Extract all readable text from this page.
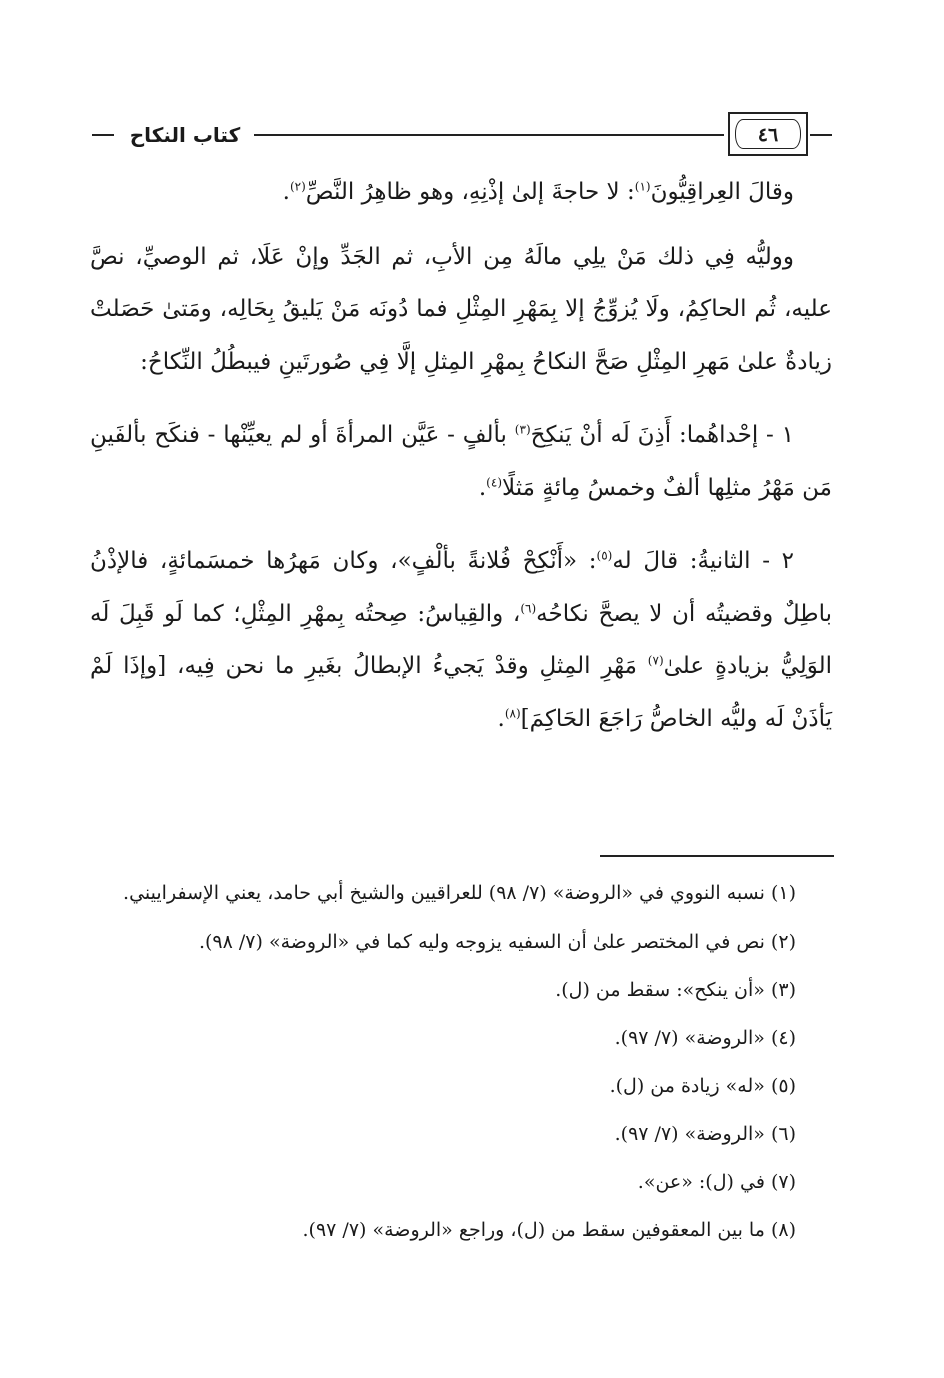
كتاب النكاح	٤٦

وقالَ العِراقِيُّونَ$^{(١)}$: لا حاجةَ إلىٰ إذْنِهِ، وهو ظاهِرُ النَّصِّ$^{(٢)}$.

ووليُّه فِي ذلك مَنْ يلِي مالَهُ مِن الأبِ، ثم الجَدِّ وإنْ عَلَا، ثم الوصيِّ، نصَّ عليه، ثُم الحاكِمُ، ولَا يُزوِّجُ إلا بِمَهْرِ المِثْلِ فما دُونَه مَنْ يَليقُ بِحَالِه، ومَتىٰ حَصَلتْ زيادةٌ علىٰ مَهرِ المِثْلِ صَحَّ النكاحُ بِمهْرِ المِثلِ إلَّا فِي صُورتَينِ فيبطُلُ النِّكاحُ:

١ - إحْداهُما: أَذِنَ لَه أنْ يَنكِحَ$^{(٣)}$ بألفٍ - عَيَّن المرأةَ أو لم يعيِّنْها - فنكَح بألفَينِ مَن مَهْرُ مثلِها ألفٌ وخمسُ مِائةٍ مَثلًا$^{(٤)}$.

٢ - الثانيةُ: قالَ له$^{(٥)}$: «أَنْكِحْ فُلانةً بألْفٍ»، وكان مَهرُها خمسَمائةٍ، فالإذْنُ باطِلٌ وقضيتُه أن لا يصحَّ نكاحُه$^{(٦)}$، والقِياسُ: صِحتُه بِمهْرِ المِثْلِ؛ كما لَو قَبِلَ لَه الوَلِيُّ بزيادةٍ علىٰ$^{(٧)}$ مَهْرِ المِثلِ وقدْ يَجيءُ الإبطالُ بغَيرِ ما نحن فِيه، [وإذَا لَمْ يَأذَنْ لَه وليُّه الخاصُّ رَاجَعَ الحَاكِمَ]$^{(٨)}$.

(١) نسبه النووي في «الروضة» (٧/ ٩٨) للعراقيين والشيخ أبي حامد، يعني الإسفراييني.
(٢) نص في المختصر علىٰ أن السفيه يزوجه وليه كما في «الروضة» (٧/ ٩٨).
(٣) «أن ينكح»: سقط من (ل).
(٤) «الروضة» (٧/ ٩٧).
(٥) «له» زيادة من (ل).
(٦) «الروضة» (٧/ ٩٧).
(٧) في (ل): «عن».
(٨) ما بين المعقوفين سقط من (ل)، وراجع «الروضة» (٧/ ٩٧).
